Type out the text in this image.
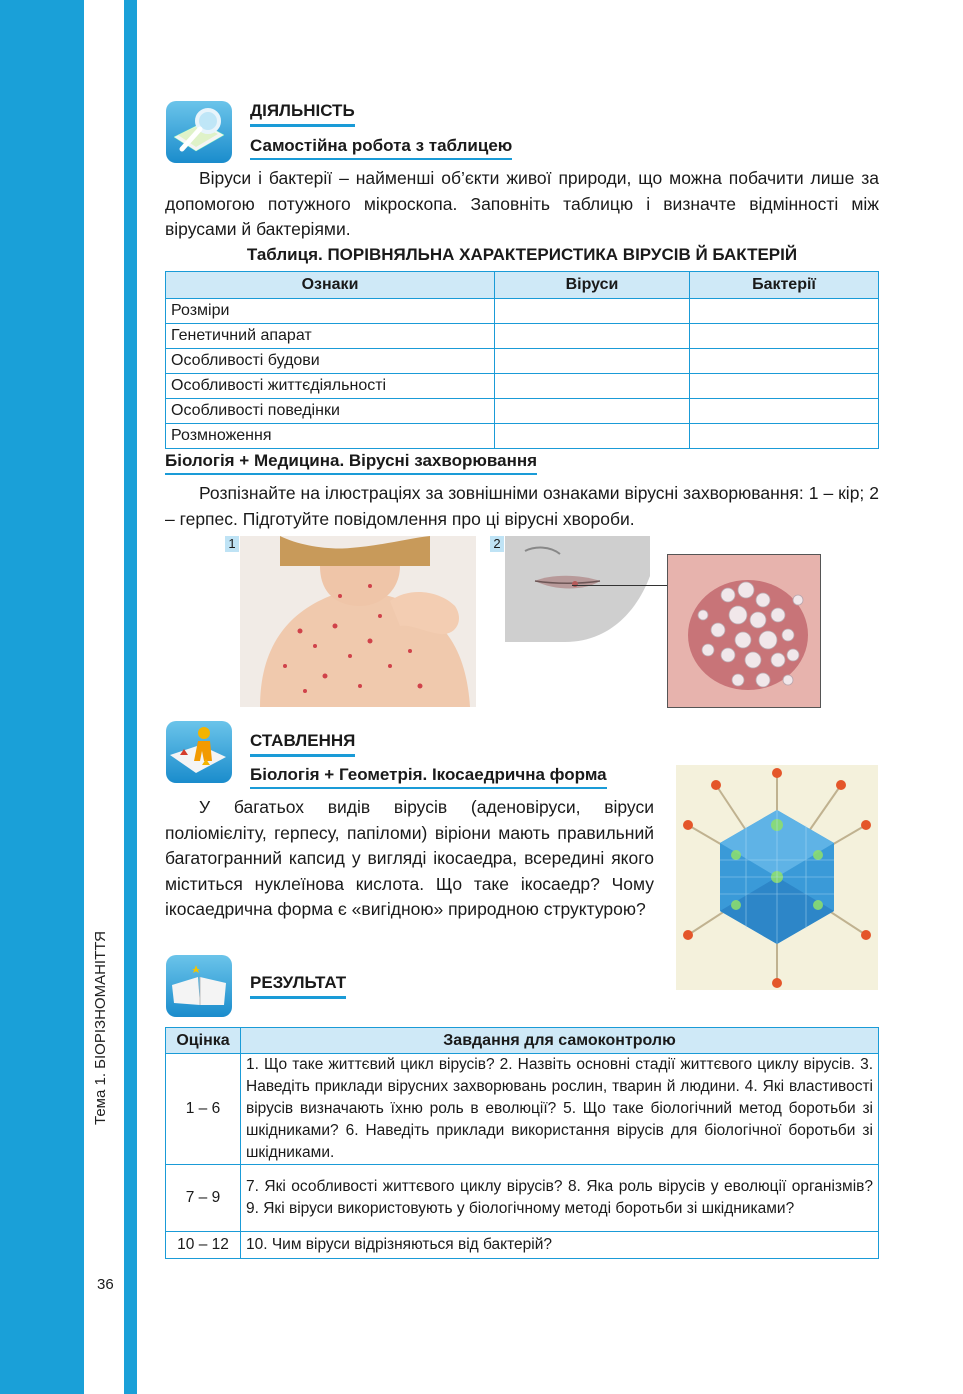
Тема 1. БІОРІЗНОМАНІТТЯ
36
ДІЯЛЬНІСТЬ
Самостійна робота з таблицею
Віруси і бактерії – найменші об’єкти живої природи, що можна побачити лише за допомогою потужного мікроскопа. Заповніть таблицю і визначте відмінності між вірусами й бактеріями.
Таблиця. ПОРІВНЯЛЬНА ХАРАКТЕРИСТИКА ВІРУСІВ Й БАКТЕРІЙ
Ознаки	Віруси	Бактерії
Розміри		
Генетичний апарат		
Особливості будови		
Особливості життєдіяльності		
Особливості поведінки		
Розмноження		
Біологія + Медицина. Вірусні захворювання
Розпізнайте на ілюстраціях за зовнішніми ознаками вірусні захворювання: 1 – кір; 2 – герпес. Підготуйте повідомлення про ці вірусні хвороби.
1	2
СТАВЛЕННЯ
Біологія + Геометрія. Ікосаедрична форма
У багатьох видів вірусів (аденовіруси, віруси поліомієліту, герпесу, папіломи) віріони мають правильний багатогранний капсид у вигляді ікосаедра, всередині якого міститься нуклеїнова кислота. Що таке ікосаедр? Чому ікосаедрична форма є «вигідною» природною структурою?
РЕЗУЛЬТАТ
Оцінка	Завдання для самоконтролю
1 – 6	1. Що таке життєвий цикл вірусів? 2. Назвіть основні стадії життєвого циклу вірусів. 3. Наведіть приклади вірусних захворювань рослин, тварин й людини. 4. Які властивості вірусів визначають їхню роль в еволюції? 5. Що таке біологічний метод боротьби зі шкідниками? 6. Наведіть приклади використання вірусів для біологічної боротьби зі шкідниками.
7 – 9	7. Які особливості життєвого циклу вірусів? 8. Яка роль вірусів у еволюції організмів? 9. Які віруси використовують у біологічному методі боротьби зі шкідниками?
10 – 12	10. Чим віруси відрізняються від бактерій?
